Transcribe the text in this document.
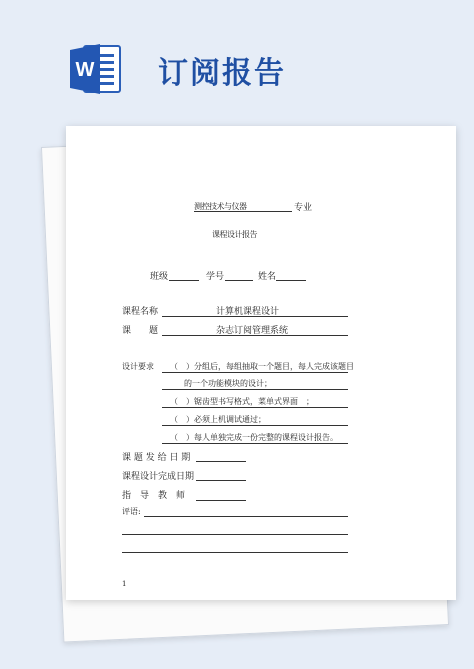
W 订阅报告
测控技术与仪器	专业
课程设计报告
班级	学号	姓名
课程名称	计算机课程设计
课　　题	杂志订阅管理系统
设计要求 （　）分组后，每组抽取一个题目，每人完成该题目
的一个功能模块的设计；
（　）锯齿型书写格式，菜单式界面　；
（　）必须上机调试通过；
（　）每人单独完成一份完整的课程设计报告。
课 题 发 给 日 期
课程设计完成日期
指　导　教　师
评语:
1
